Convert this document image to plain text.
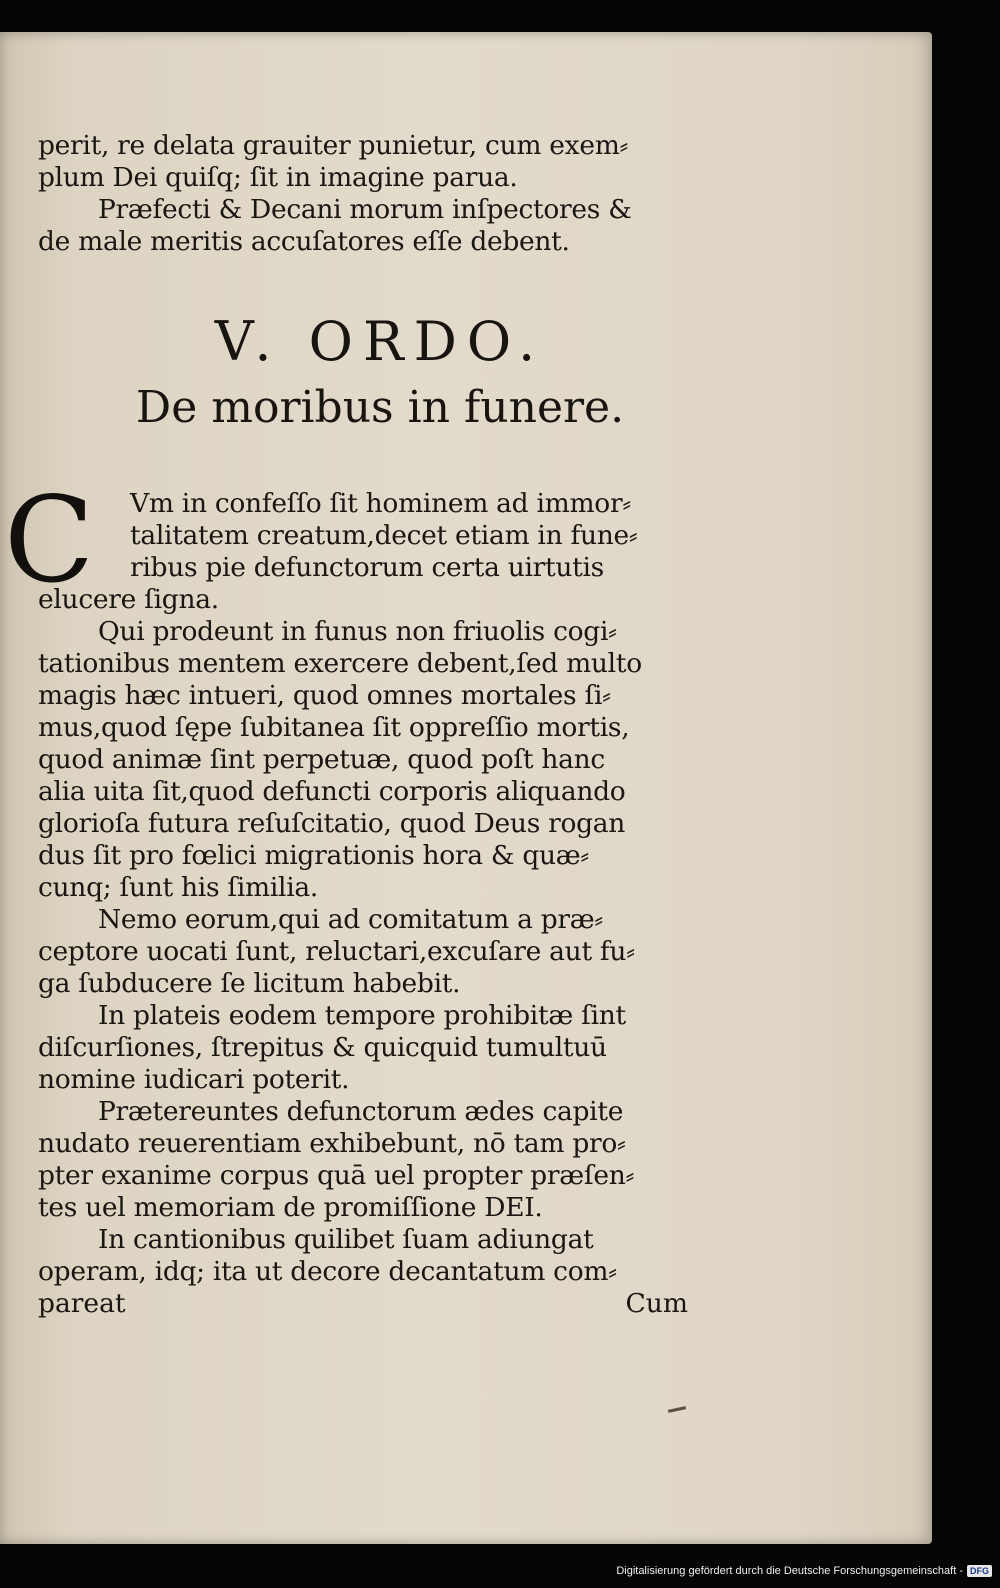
perit, re delata grauiter punietur, cum exem⸗
plum Dei quiſq; ſit in imagine parua.
Præfecti & Decani morum inſpectores &
de male meritis accuſatores eſſe debent.
V. ORDO.
De moribus in funere.
C	Vm in confeſſo ſit hominem ad immor⸗
talitatem creatum,decet etiam in fune⸗
ribus pie defunctorum certa uirtutis
elucere ſigna.
Qui prodeunt in funus non friuolis cogi⸗
tationibus mentem exercere debent,ſed multo
magis hæc intueri, quod omnes mortales ſi⸗
mus,quod ſępe ſubitanea ſit oppreſſio mortis,
quod animæ ſint perpetuæ, quod poſt hanc
alia uita ſit,quod defuncti corporis aliquando
glorioſa futura reſuſcitatio, quod Deus rogan
dus ſit pro fœlici migrationis hora & quæ⸗
cunq; ſunt his ſimilia.
Nemo eorum,qui ad comitatum a præ⸗
ceptore uocati ſunt, reluctari,excuſare aut fu⸗
ga ſubducere ſe licitum habebit.
In plateis eodem tempore prohibitæ ſint
diſcurſiones, ſtrepitus & quicquid tumultuū
nomine iudicari poterit.
Prætereuntes defunctorum ædes capite
nudato reuerentiam exhibebunt, nō tam pro⸗
pter exanime corpus quā uel propter præſen⸗
tes uel memoriam de promiſſione DEI.
In cantionibus quilibet ſuam adiungat
operam, idq; ita ut decore decantatum com⸗
pareat	Cum
Digitalisierung gefördert durch die Deutsche Forschungsgemeinschaft - DFG
